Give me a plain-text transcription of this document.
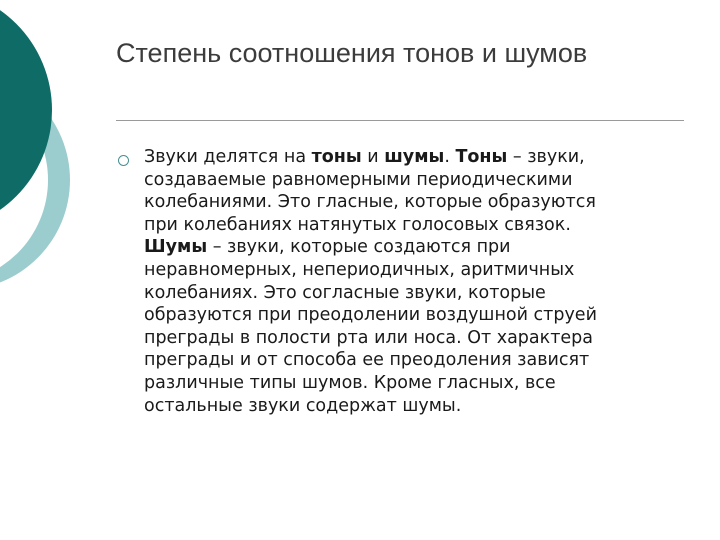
Степень соотношения тонов и шумов

Звуки делятся на тоны и шумы. Тоны – звуки,
создаваемые равномерными периодическими
колебаниями. Это гласные, которые образуются
при колебаниях натянутых голосовых связок.
Шумы – звуки, которые создаются при
неравномерных, непериодичных, аритмичных
колебаниях. Это согласные звуки, которые
образуются при преодолении воздушной струей
преграды в полости рта или носа. От характера
преграды и от способа ее преодоления зависят
различные типы шумов. Кроме гласных, все
остальные звуки содержат шумы.
